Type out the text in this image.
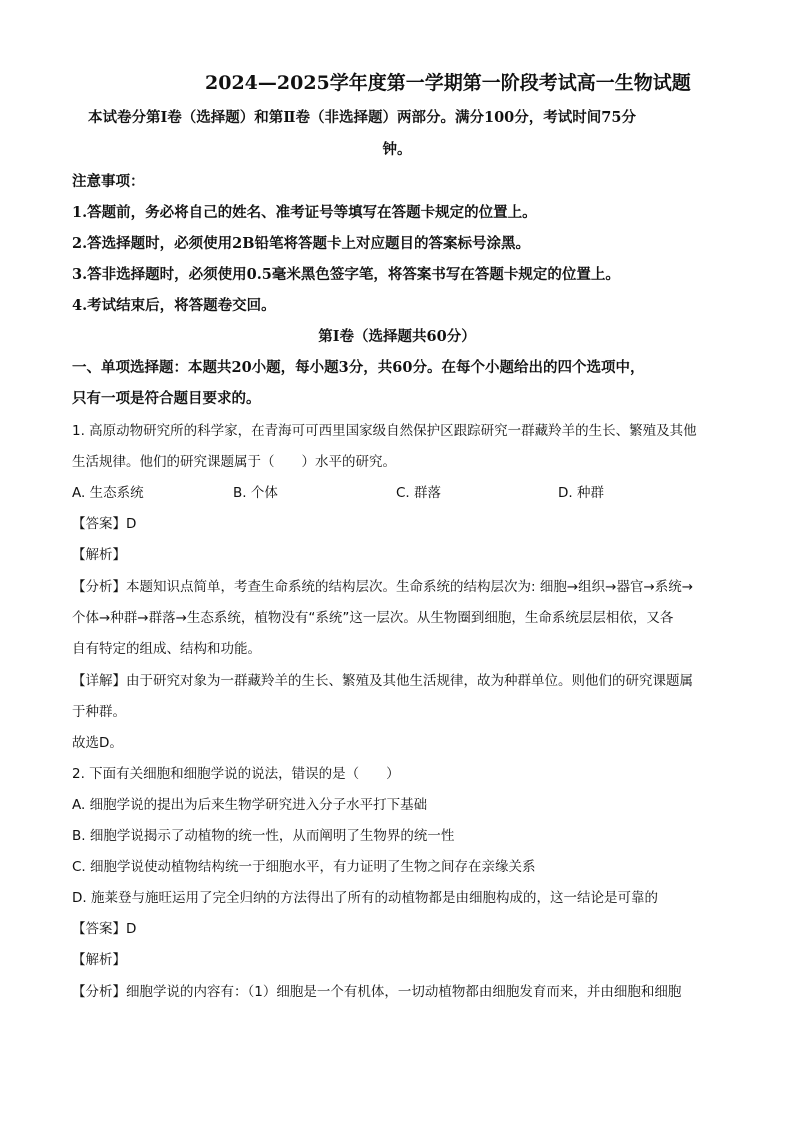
2024—2025学年度第一学期第一阶段考试高一生物试题
本试卷分第Ⅰ卷（选择题）和第Ⅱ卷（非选择题）两部分。满分100分，考试时间75分
钟。
注意事项：
1.答题前，务必将自己的姓名、准考证号等填写在答题卡规定的位置上。
2.答选择题时，必须使用2B铅笔将答题卡上对应题目的答案标号涂黑。
3.答非选择题时，必须使用0.5毫米黑色签字笔，将答案书写在答题卡规定的位置上。
4.考试结束后，将答题卷交回。
第Ⅰ卷（选择题共60分）
一、单项选择题：本题共20小题，每小题3分，共60分。在每个小题给出的四个选项中，
只有一项是符合题目要求的。
1. 高原动物研究所的科学家，在青海可可西里国家级自然保护区跟踪研究一群藏羚羊的生长、繁殖及其他
生活规律。他们的研究课题属于（　　）水平的研究。
A. 生态系统	B. 个体	C. 群落	D. 种群
【答案】D
【解析】
【分析】本题知识点简单，考查生命系统的结构层次。生命系统的结构层次为: 细胞→组织→器官→系统→
个体→种群→群落→生态系统，植物没有“系统”这一层次。从生物圈到细胞，生命系统层层相依，又各
自有特定的组成、结构和功能。
【详解】由于研究对象为一群藏羚羊的生长、繁殖及其他生活规律，故为种群单位。则他们的研究课题属
于种群。
故选D。
2. 下面有关细胞和细胞学说的说法，错误的是（　　）
A. 细胞学说的提出为后来生物学研究进入分子水平打下基础
B. 细胞学说揭示了动植物的统一性，从而阐明了生物界的统一性
C. 细胞学说使动植物结构统一于细胞水平，有力证明了生物之间存在亲缘关系
D. 施莱登与施旺运用了完全归纳的方法得出了所有的动植物都是由细胞构成的，这一结论是可靠的
【答案】D
【解析】
【分析】细胞学说的内容有：（1）细胞是一个有机体，一切动植物都由细胞发育而来，并由细胞和细胞
